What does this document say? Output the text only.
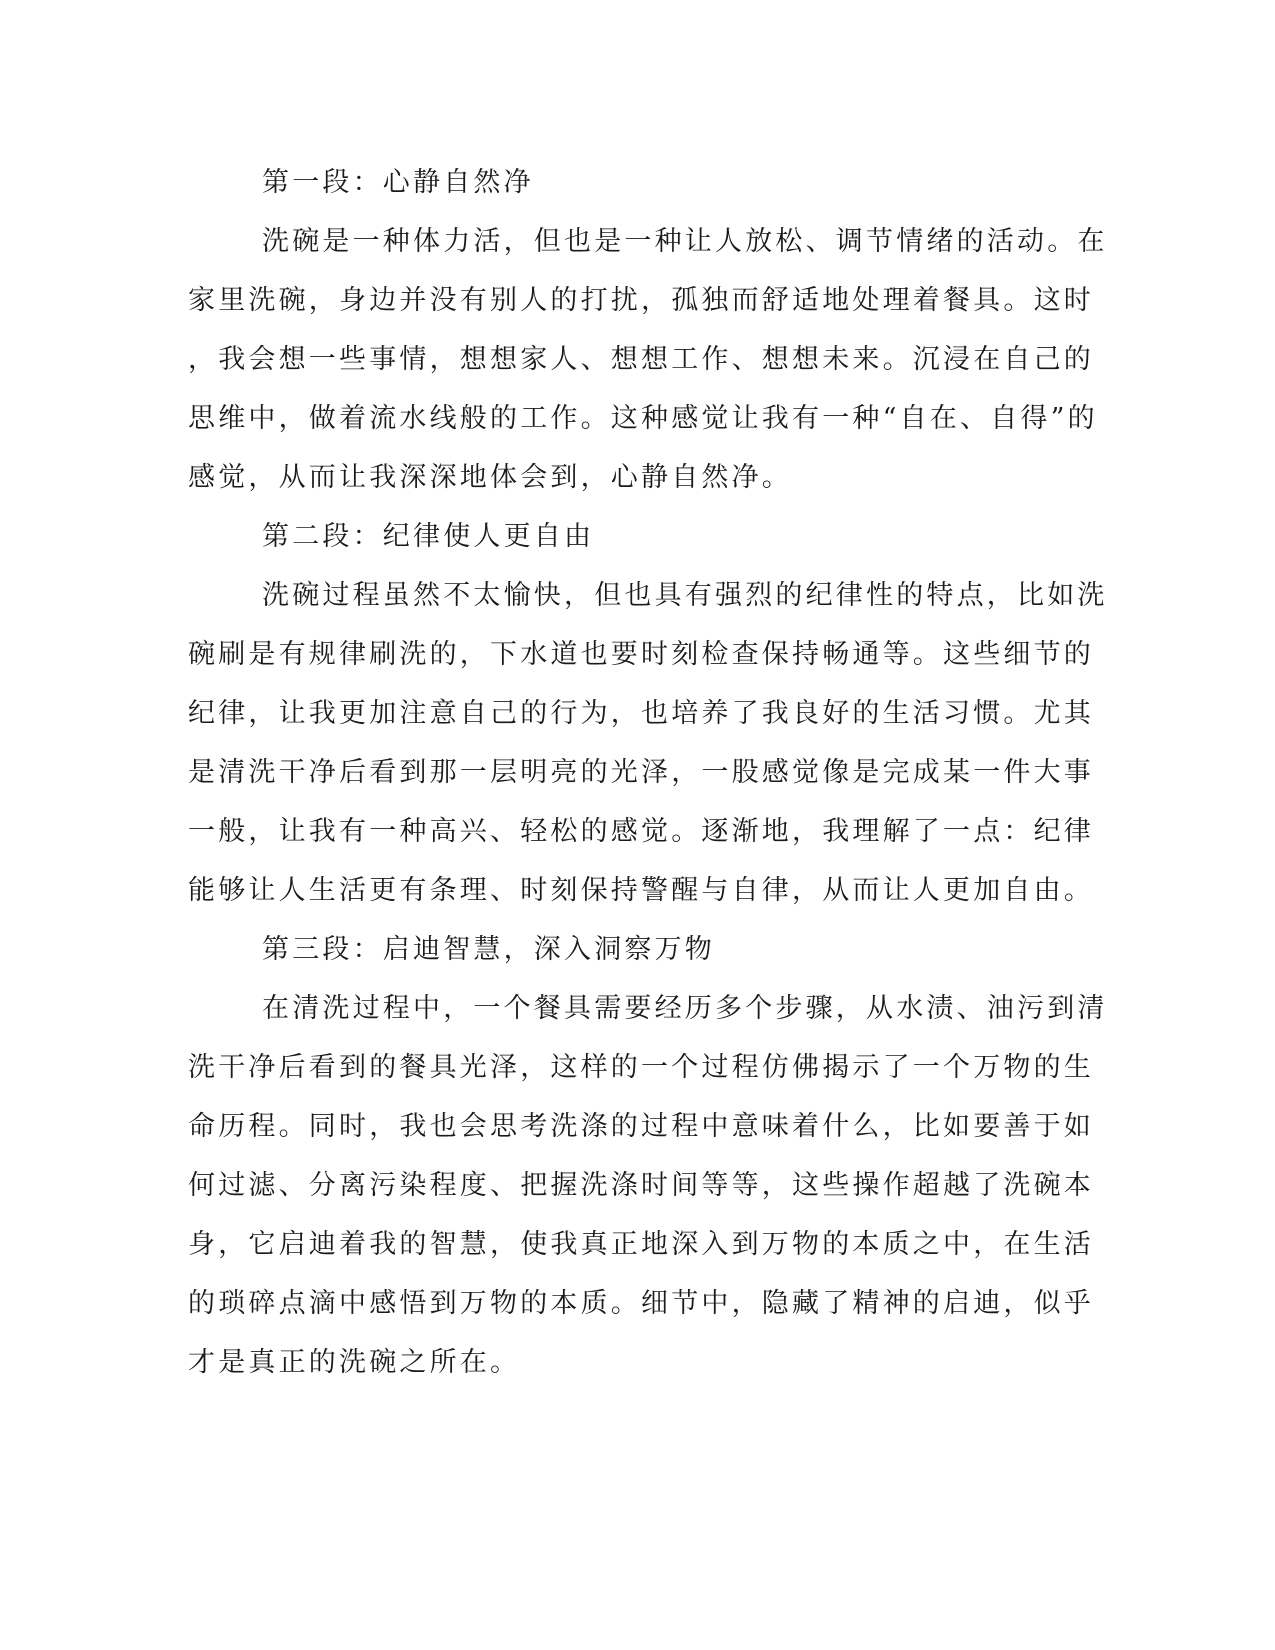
第一段：心静自然净
洗碗是一种体力活，但也是一种让人放松、调节情绪的活动。在
家里洗碗，身边并没有别人的打扰，孤独而舒适地处理着餐具。这时
，我会想一些事情，想想家人、想想工作、想想未来。沉浸在自己的
思维中，做着流水线般的工作。这种感觉让我有一种“自在、自得”的
感觉，从而让我深深地体会到，心静自然净。
第二段：纪律使人更自由
洗碗过程虽然不太愉快，但也具有强烈的纪律性的特点，比如洗
碗刷是有规律刷洗的，下水道也要时刻检查保持畅通等。这些细节的
纪律，让我更加注意自己的行为，也培养了我良好的生活习惯。尤其
是清洗干净后看到那一层明亮的光泽，一股感觉像是完成某一件大事
一般，让我有一种高兴、轻松的感觉。逐渐地，我理解了一点：纪律
能够让人生活更有条理、时刻保持警醒与自律，从而让人更加自由。
第三段：启迪智慧，深入洞察万物
在清洗过程中，一个餐具需要经历多个步骤，从水渍、油污到清
洗干净后看到的餐具光泽，这样的一个过程仿佛揭示了一个万物的生
命历程。同时，我也会思考洗涤的过程中意味着什么，比如要善于如
何过滤、分离污染程度、把握洗涤时间等等，这些操作超越了洗碗本
身，它启迪着我的智慧，使我真正地深入到万物的本质之中，在生活
的琐碎点滴中感悟到万物的本质。细节中，隐藏了精神的启迪，似乎
才是真正的洗碗之所在。
